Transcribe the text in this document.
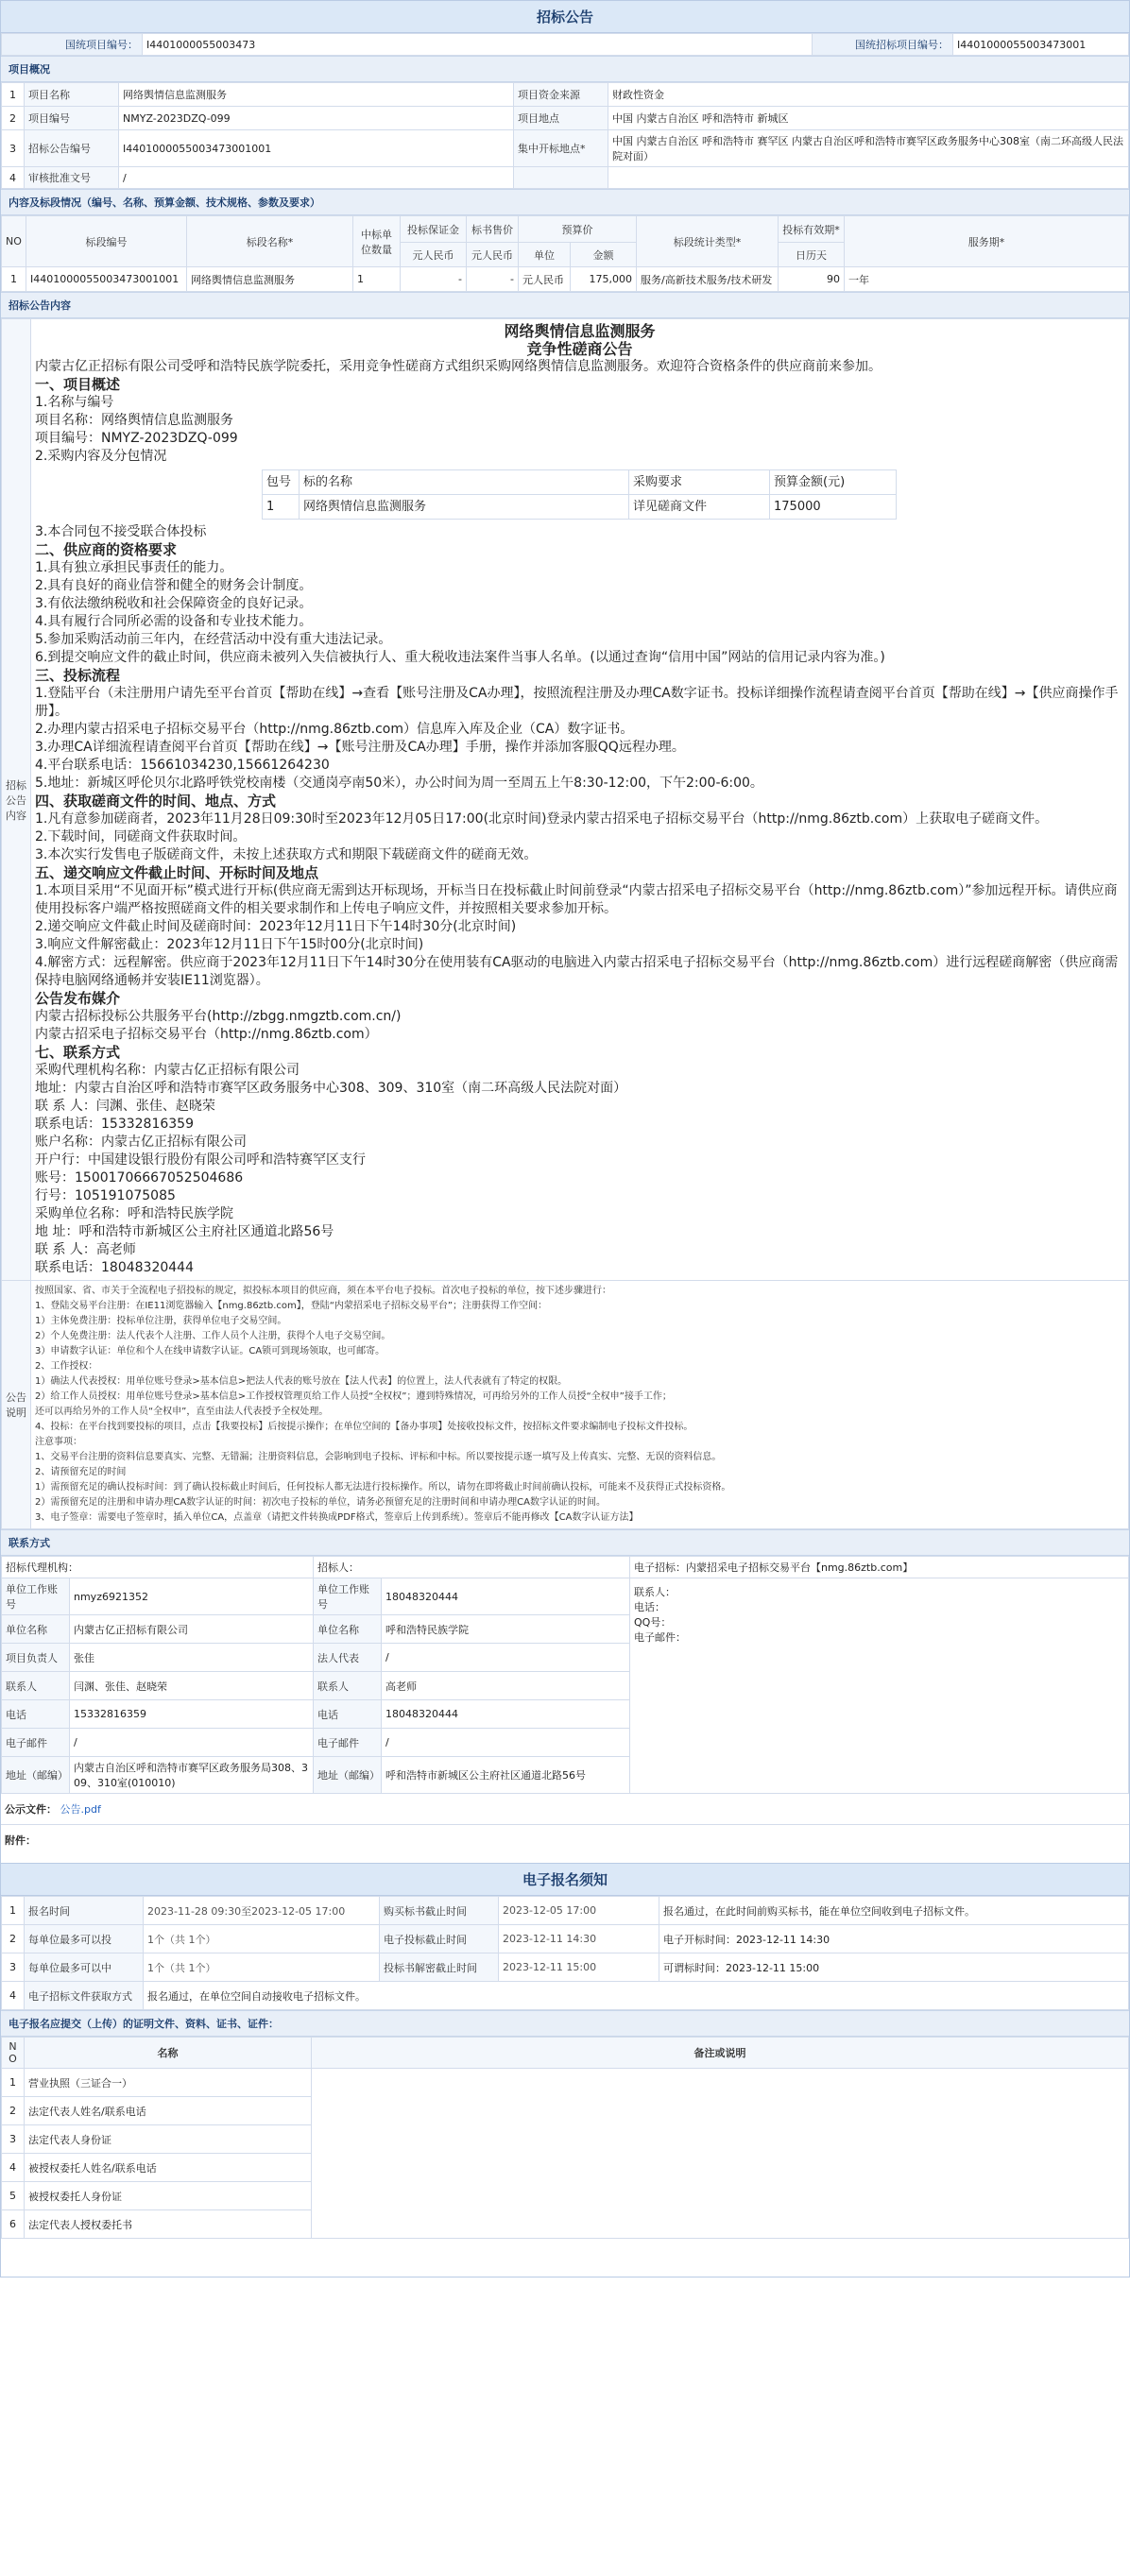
招标公告
国统项目编号：	I4401000055003473	国统招标项目编号：	I4401000055003473001
项目概况
1	项目名称	网络舆情信息监测服务	项目资金来源	财政性资金
2	项目编号	NMYZ-2023DZQ-099	项目地点	中国 内蒙古自治区 呼和浩特市 新城区
3	招标公告编号	I4401000055003473001001	集中开标地点*	中国 内蒙古自治区 呼和浩特市 赛罕区 内蒙古自治区呼和浩特市赛罕区政务服务中心308室（南二环高级人民法院对面）
4	审核批准文号	/		
内容及标段情况（编号、名称、预算金额、技术规格、参数及要求）
NO	标段编号	标段名称*	中标单位数量	投标保证金	标书售价	预算价		标段统计类型*	投标有效期*	服务期*
				元人民币	元人民币	单位	金额		日历天	
1	I4401000055003473001001	网络舆情信息监测服务	1	-	-	元人民币	175,000	服务/高新技术服务/技术研发	90	一年
招标公告内容
招标公告内容	
网络舆情信息监测服务
竞争性磋商公告
内蒙古亿正招标有限公司受呼和浩特民族学院委托，采用竞争性磋商方式组织采购网络舆情信息监测服务。欢迎符合资格条件的供应商前来参加。
一、项目概述
1.名称与编号
项目名称：网络舆情信息监测服务
项目编号：NMYZ-2023DZQ-099
2.采购内容及分包情况
包号	标的名称	采购要求	预算金额(元)
1	网络舆情信息监测服务	详见磋商文件	175000
3.本合同包不接受联合体投标
二、供应商的资格要求
1.具有独立承担民事责任的能力。
2.具有良好的商业信誉和健全的财务会计制度。
3.有依法缴纳税收和社会保障资金的良好记录。
4.具有履行合同所必需的设备和专业技术能力。
5.参加采购活动前三年内，在经营活动中没有重大违法记录。
6.到提交响应文件的截止时间，供应商未被列入失信被执行人、重大税收违法案件当事人名单。(以通过查询“信用中国”网站的信用记录内容为准。)
三、投标流程
1.登陆平台（未注册用户请先至平台首页【帮助在线】→查看【账号注册及CA办理】，按照流程注册及办理CA数字证书。投标详细操作流程请查阅平台首页【帮助在线】→【供应商操作手册】。
2.办理内蒙古招采电子招标交易平台（http://nmg.86ztb.com）信息库入库及企业（CA）数字证书。
3.办理CA详细流程请查阅平台首页【帮助在线】→【账号注册及CA办理】手册，操作并添加客服QQ远程办理。
4.平台联系电话：15661034230,15661264230
5.地址：新城区呼伦贝尔北路呼铁党校南楼（交通岗亭南50米），办公时间为周一至周五上午8:30-12:00，下午2:00-6:00。
四、获取磋商文件的时间、地点、方式
1.凡有意参加磋商者，2023年11月28日09:30时至2023年12月05日17:00(北京时间)登录内蒙古招采电子招标交易平台（http://nmg.86ztb.com）上获取电子磋商文件。
2.下载时间，同磋商文件获取时间。
3.本次实行发售电子版磋商文件，未按上述获取方式和期限下载磋商文件的磋商无效。
五、递交响应文件截止时间、开标时间及地点
1.本项目采用“不见面开标”模式进行开标(供应商无需到达开标现场，开标当日在投标截止时间前登录“内蒙古招采电子招标交易平台（http://nmg.86ztb.com）”参加远程开标。请供应商使用投标客户端严格按照磋商文件的相关要求制作和上传电子响应文件，并按照相关要求参加开标。
2.递交响应文件截止时间及磋商时间：2023年12月11日下午14时30分(北京时间)
3.响应文件解密截止：2023年12月11日下午15时00分(北京时间)
4.解密方式：远程解密。供应商于2023年12月11日下午14时30分在使用装有CA驱动的电脑进入内蒙古招采电子招标交易平台（http://nmg.86ztb.com）进行远程磋商解密（供应商需保持电脑网络通畅并安装IE11浏览器）。
公告发布媒介
内蒙古招标投标公共服务平台(http://zbgg.nmgztb.com.cn/)
内蒙古招采电子招标交易平台（http://nmg.86ztb.com）
七、联系方式
采购代理机构名称：内蒙古亿正招标有限公司
地址：内蒙古自治区呼和浩特市赛罕区政务服务中心308、309、310室（南二环高级人民法院对面）
联 系 人：闫渊、张佳、赵晓荣
联系电话：15332816359
账户名称：内蒙古亿正招标有限公司
开户行：中国建设银行股份有限公司呼和浩特赛罕区支行
账号：15001706667052504686
行号：105191075085
采购单位名称：呼和浩特民族学院
地 址：呼和浩特市新城区公主府社区通道北路56号
联 系 人：高老师
联系电话：18048320444

公告说明	
按照国家、省、市关于全流程电子招投标的规定，拟投标本项目的供应商，须在本平台电子投标。首次电子投标的单位，按下述步骤进行：
1、登陆交易平台注册：在IE11浏览器输入【nmg.86ztb.com】，登陆“内蒙招采电子招标交易平台”；注册获得工作空间：
1）主体免费注册：投标单位注册，获得单位电子交易空间。
2）个人免费注册：法人代表个人注册、工作人员个人注册，获得个人电子交易空间。
3）申请数字认证：单位和个人在线申请数字认证。CA锁可到现场领取，也可邮寄。
2、工作授权：
1）确法人代表授权：用单位账号登录>基本信息>把法人代表的账号放在【法人代表】的位置上，法人代表就有了特定的权限。
2）给工作人员授权：用单位账号登录>基本信息>工作授权管理页给工作人员授“全权权”；遵到特殊情况，可再给另外的工作人员授“全权申”接手工作；
还可以再给另外的工作人员“全权申”，直至由法人代表授予全权处理。
4、投标：在平台找到要投标的项目，点击【我要投标】后按提示操作；在单位空间的【备办事项】处接收投标文件，按招标文件要求编制电子投标文件投标。
注意事项：
1、交易平台注册的资料信息要真实、完整、无错漏；注册资料信息，会影响到电子投标、评标和中标。所以要按提示逐一填写及上传真实、完整、无误的资料信息。
2、请预留充足的时间
1）需预留充足的确认投标时间：到了确认投标截止时间后，任何投标人都无法进行投标操作。所以，请勿在即将截止时间前确认投标，可能来不及获得正式投标资格。
2）需预留充足的注册和申请办理CA数字认证的时间：初次电子投标的单位，请务必预留充足的注册时间和申请办理CA数字认证的时间。
3、电子签章：需要电子签章时，插入单位CA，点盖章（请把文件转换成PDF格式，签章后上传到系统）。签章后不能再修改【CA数字认证方法】
联系方式
招标代理机构：		招标人：		电子招标：内蒙招采电子招标交易平台【nmg.86ztb.com】
单位工作账号	nmyz6921352	单位工作账号	18048320444	联系人：
电话：
QQ号：
电子邮件：

单位名称	内蒙古亿正招标有限公司	单位名称	呼和浩特民族学院	
项目负责人	张佳	法人代表	/	
联系人	闫渊、张佳、赵晓荣	联系人	高老师	
电话	15332816359	电话	18048320444	
电子邮件	/	电子邮件	/	
地址（邮编）	内蒙古自治区呼和浩特市赛罕区政务服务局308、309、310室(010010)	地址（邮编）	呼和浩特市新城区公主府社区通道北路56号	
公示文件： 公告.pdf
附件：
电子报名须知
1	报名时间	2023-11-28 09:30至2023-12-05 17:00	购买标书截止时间	2023-12-05 17:00	报名通过，在此时间前购买标书，能在单位空间收到电子招标文件。
2	每单位最多可以投	1个（共 1个）	电子投标截止时间	2023-12-11 14:30	电子开标时间：2023-12-11 14:30
3	每单位最多可以中	1个（共 1个）	投标书解密截止时间	2023-12-11 15:00	可谓标时间：2023-12-11 15:00
4	电子招标文件获取方式	报名通过，在单位空间自动接收电子招标文件。			
电子报名应提交（上传）的证明文件、资料、证书、证件：
NO	名称	备注或说明
1	营业执照（三证合一）	
2	法定代表人姓名/联系电话	
3	法定代表人身份证	
4	被授权委托人姓名/联系电话	
5	被授权委托人身份证	
6	法定代表人授权委托书	
